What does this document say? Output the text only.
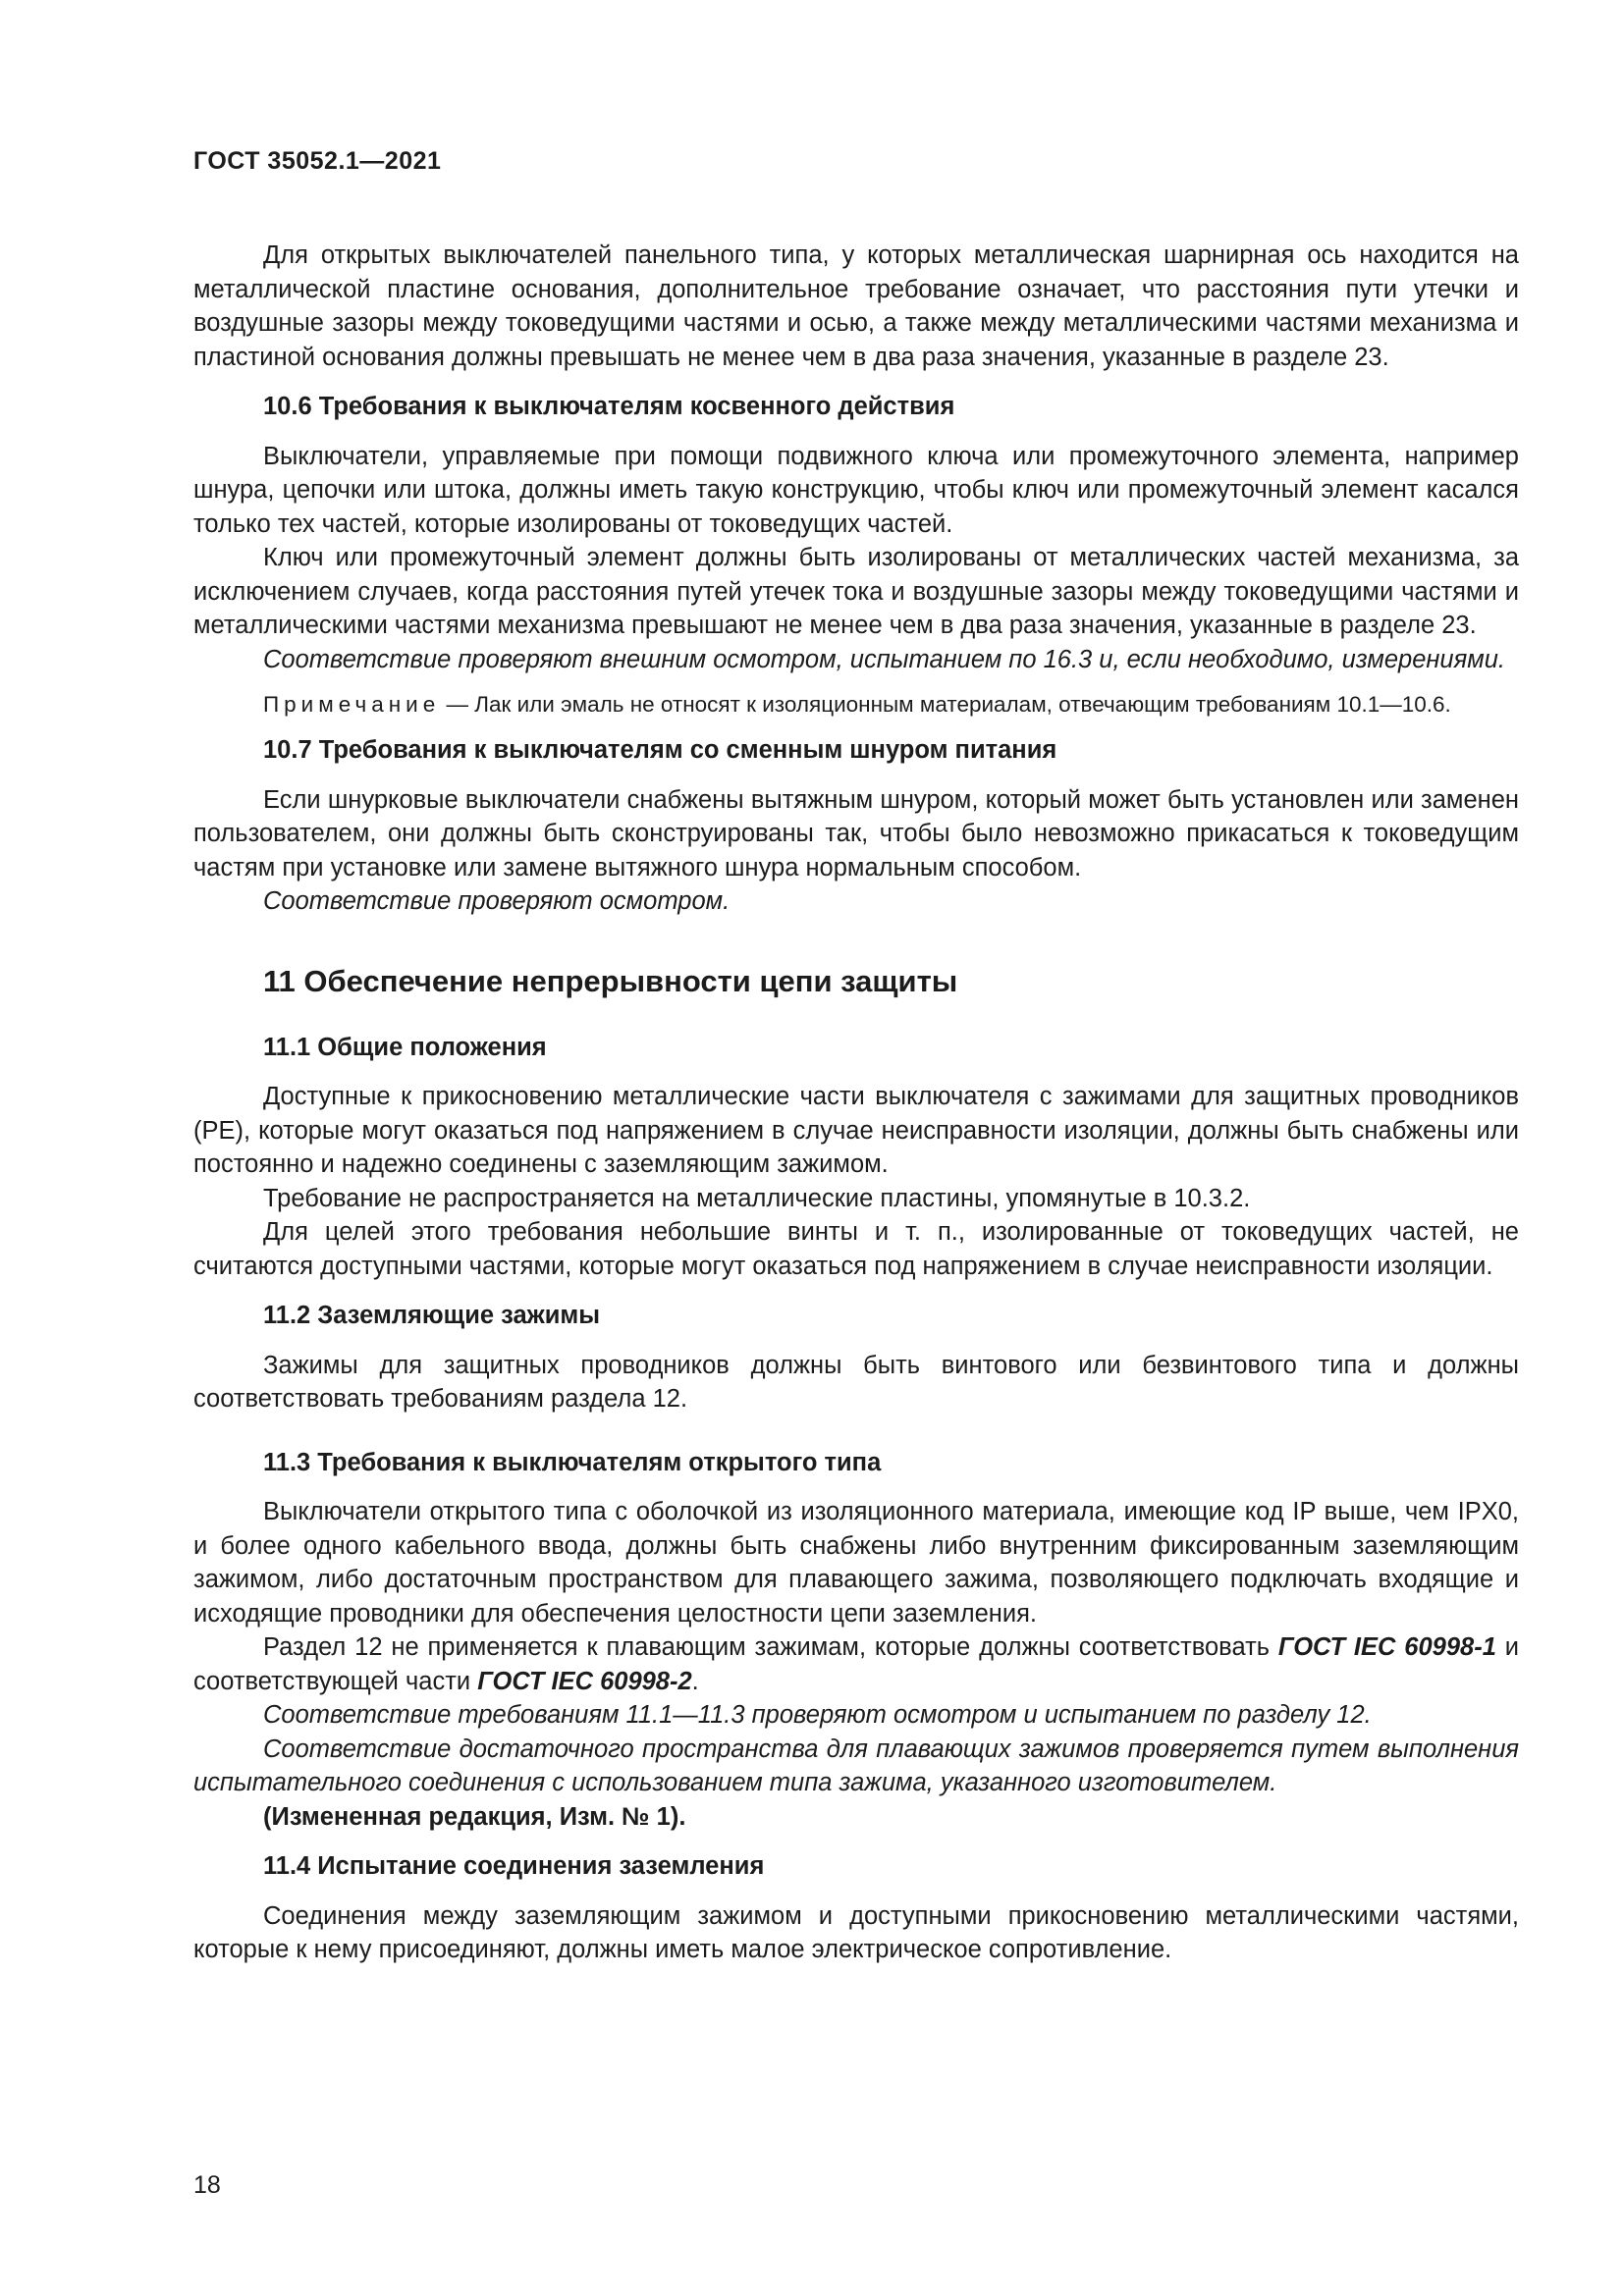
ГОСТ 35052.1—2021

Для открытых выключателей панельного типа, у которых металлическая шарнирная ось находится на металлической пластине основания, дополнительное требование означает, что расстояния пути утечки и воздушные зазоры между токоведущими частями и осью, а также между металлическими частями механизма и пластиной основания должны превышать не менее чем в два раза значения, указанные в разделе 23.

10.6 Требования к выключателям косвенного действия

Выключатели, управляемые при помощи подвижного ключа или промежуточного элемента, например шнура, цепочки или штока, должны иметь такую конструкцию, чтобы ключ или промежуточный элемент касался только тех частей, которые изолированы от токоведущих частей.

Ключ или промежуточный элемент должны быть изолированы от металлических частей механизма, за исключением случаев, когда расстояния путей утечек тока и воздушные зазоры между токоведущими частями и металлическими частями механизма превышают не менее чем в два раза значения, указанные в разделе 23.

Соответствие проверяют внешним осмотром, испытанием по 16.3 и, если необходимо, измерениями.

Примечание — Лак или эмаль не относят к изоляционным материалам, отвечающим требованиям 10.1—10.6.
10.7 Требования к выключателям со сменным шнуром питания

Если шнурковые выключатели снабжены вытяжным шнуром, который может быть установлен или заменен пользователем, они должны быть сконструированы так, чтобы было невозможно прикасаться к токоведущим частям при установке или замене вытяжного шнура нормальным способом.

Соответствие проверяют осмотром.

11 Обеспечение непрерывности цепи защиты
11.1 Общие положения

Доступные к прикосновению металлические части выключателя с зажимами для защитных проводников (PE), которые могут оказаться под напряжением в случае неисправности изоляции, должны быть снабжены или постоянно и надежно соединены с заземляющим зажимом.

Требование не распространяется на металлические пластины, упомянутые в 10.3.2.

Для целей этого требования небольшие винты и т. п., изолированные от токоведущих частей, не считаются доступными частями, которые могут оказаться под напряжением в случае неисправности изоляции.

11.2 Заземляющие зажимы

Зажимы для защитных проводников должны быть винтового или безвинтового типа и должны соответствовать требованиям раздела 12.

11.3 Требования к выключателям открытого типа

Выключатели открытого типа с оболочкой из изоляционного материала, имеющие код IP выше, чем IPX0, и более одного кабельного ввода, должны быть снабжены либо внутренним фиксированным заземляющим зажимом, либо достаточным пространством для плавающего зажима, позволяющего подключать входящие и исходящие проводники для обеспечения целостности цепи заземления.

Раздел 12 не применяется к плавающим зажимам, которые должны соответствовать ГОСТ IEC 60998-1 и соответствующей части ГОСТ IEC 60998-2.

Соответствие требованиям 11.1—11.3 проверяют осмотром и испытанием по разделу 12.

Соответствие достаточного пространства для плавающих зажимов проверяется путем выполнения испытательного соединения с использованием типа зажима, указанного изготовителем.

(Измененная редакция, Изм. № 1).

11.4 Испытание соединения заземления

Соединения между заземляющим зажимом и доступными прикосновению металлическими частями, которые к нему присоединяют, должны иметь малое электрическое сопротивление.

18
